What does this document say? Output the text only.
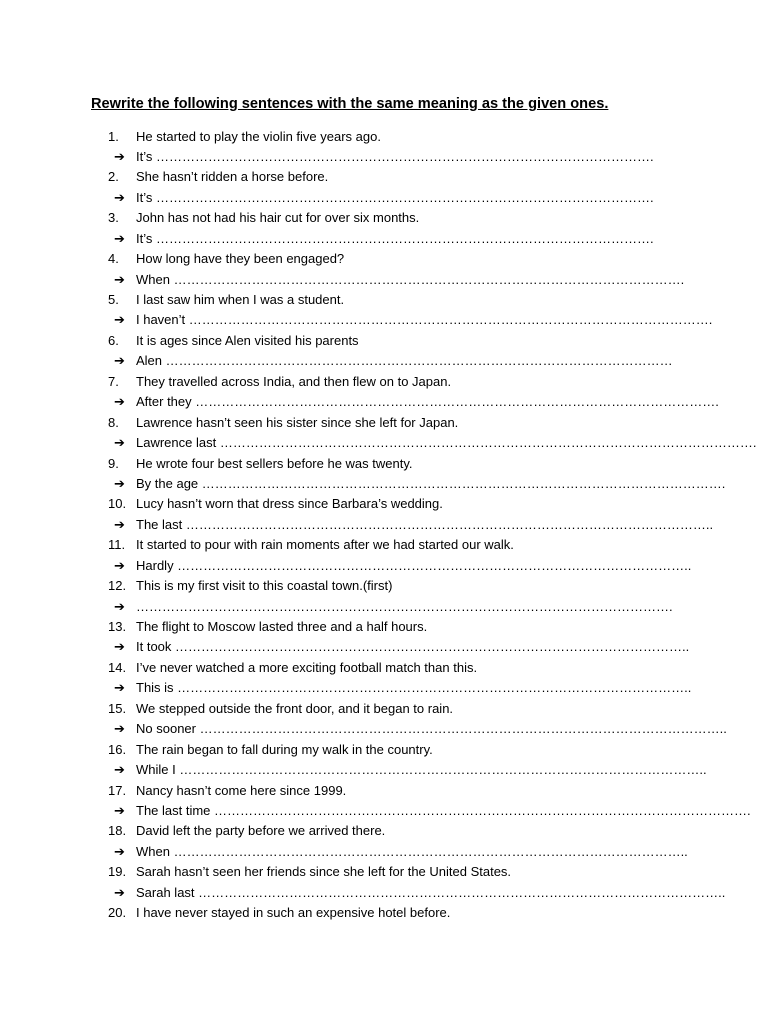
Rewrite the following sentences with the same meaning as the given ones.
1.	He started to play the violin five years ago.
➔ It’s …………………………………………………………………………………………………….
2.	She hasn’t ridden a horse before.
➔ It’s …………………………………………………………………………………………………….
3.	John has not had his hair cut for over six months.
➔ It’s …………………………………………………………………………………………………….
4.	How long have they been engaged?
➔ When ……………………………………………………………………………………………………….
5.	I last saw him when I was a student.
➔ I haven’t ………………………………………………………………………………………………………….
6.	It is ages since Alen visited his parents
➔ Alen ………………………………………………………………………………………………………
7.	They travelled across India, and then flew on to Japan.
➔ After they ………………………………………………………………………………………………………….
8.	Lawrence hasn’t seen his sister since she left for Japan.
➔ Lawrence last …………………………………………………………………………………………………………….
9.	He wrote four best sellers before he was twenty.
➔ By the age ………………………………………………………………………………………………………….
10. Lucy hasn’t worn that dress since Barbara’s wedding.
➔ The last …………………………………………………………………………………………………………..
11. It started to pour with rain moments after we had started our walk.
➔ Hardly ………………………………………………………………………………………………………..
12. This is my first visit to this coastal town.(first)
➔ …………………………………………………………………………………………………………….
13. The flight to Moscow lasted three and a half hours.
➔ It took ………………………………………………………………………………………………………..
14. I’ve never watched a more exciting football match than this.
➔ This is ………………………………………………………………………………………………………..
15. We stepped outside the front door, and it began to rain.
➔ No sooner …………………………………………………………………………………………………………..
16. The rain began to fall during my walk in the country.
➔ While I …………………………………………………………………………………………………………..
17. Nancy hasn’t come here since 1999.
➔ The last time …………………………………………………………………………………………………………….
18. David left the party before we arrived there.
➔ When ………………………………………………………………………………………………………..
19. Sarah hasn’t seen her friends since she left for the United States.
➔ Sarah last …………………………………………………………………………………………………………..
20. I have never stayed in such an expensive hotel before.
